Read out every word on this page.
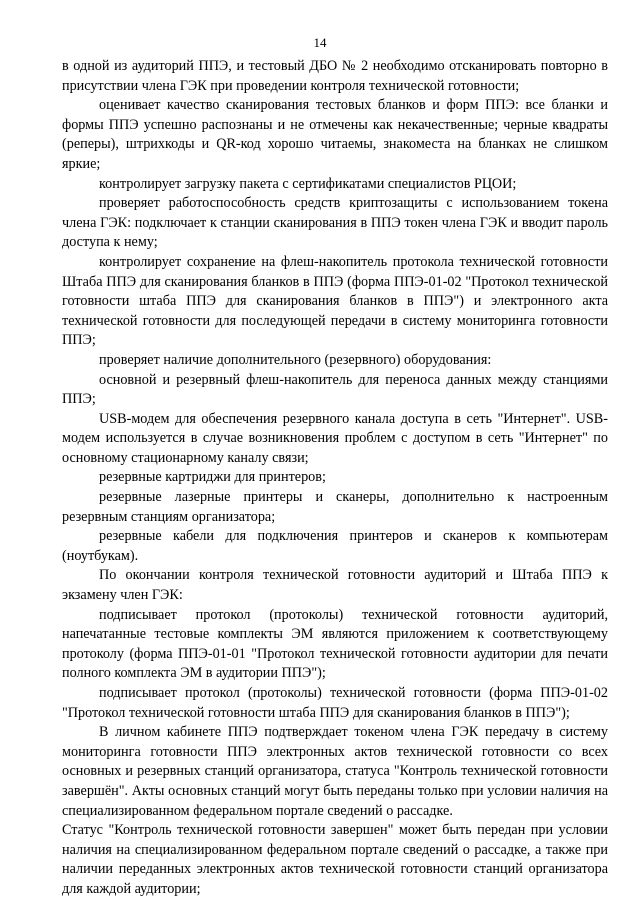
14

в одной из аудиторий ППЭ, и тестовый ДБО № 2 необходимо отсканировать повторно в присутствии члена ГЭК при проведении контроля технической готовности;

оценивает качество сканирования тестовых бланков и форм ППЭ: все бланки и формы ППЭ успешно распознаны и не отмечены как некачественные; черные квадраты (реперы), штрихкоды и QR-код хорошо читаемы, знакоместа на бланках не слишком яркие;

контролирует загрузку пакета с сертификатами специалистов РЦОИ;

проверяет работоспособность средств криптозащиты с использованием токена члена ГЭК: подключает к станции сканирования в ППЭ токен члена ГЭК и вводит пароль доступа к нему;

контролирует сохранение на флеш-накопитель протокола технической готовности Штаба ППЭ для сканирования бланков в ППЭ (форма ППЭ-01-02 "Протокол технической готовности штаба ППЭ для сканирования бланков в ППЭ") и электронного акта технической готовности для последующей передачи в систему мониторинга готовности ППЭ;

проверяет наличие дополнительного (резервного) оборудования:

основной и резервный флеш-накопитель для переноса данных между станциями ППЭ;

USB-модем для обеспечения резервного канала доступа в сеть "Интернет". USB-модем используется в случае возникновения проблем с доступом в сеть "Интернет" по основному стационарному каналу связи;

резервные картриджи для принтеров;

резервные лазерные принтеры и сканеры, дополнительно к настроенным резервным станциям организатора;

резервные кабели для подключения принтеров и сканеров к компьютерам (ноутбукам).

По окончании контроля технической готовности аудиторий и Штаба ППЭ к экзамену член ГЭК:

подписывает протокол (протоколы) технической готовности аудиторий, напечатанные тестовые комплекты ЭМ являются приложением к соответствующему протоколу (форма ППЭ-01-01 "Протокол технической готовности аудитории для печати полного комплекта ЭМ в аудитории ППЭ");

подписывает протокол (протоколы) технической готовности (форма ППЭ-01-02 "Протокол технической готовности штаба ППЭ для сканирования бланков в ППЭ");

В личном кабинете ППЭ подтверждает токеном члена ГЭК передачу в систему мониторинга готовности ППЭ электронных актов технической готовности со всех основных и резервных станций организатора, статуса "Контроль технической готовности завершён". Акты основных станций могут быть переданы только при условии наличия на специализированном федеральном портале сведений о рассадке.

Статус "Контроль технической готовности завершен" может быть передан при условии наличия на специализированном федеральном портале сведений о рассадке, а также при наличии переданных электронных актов технической готовности станций организатора для каждой аудитории;
